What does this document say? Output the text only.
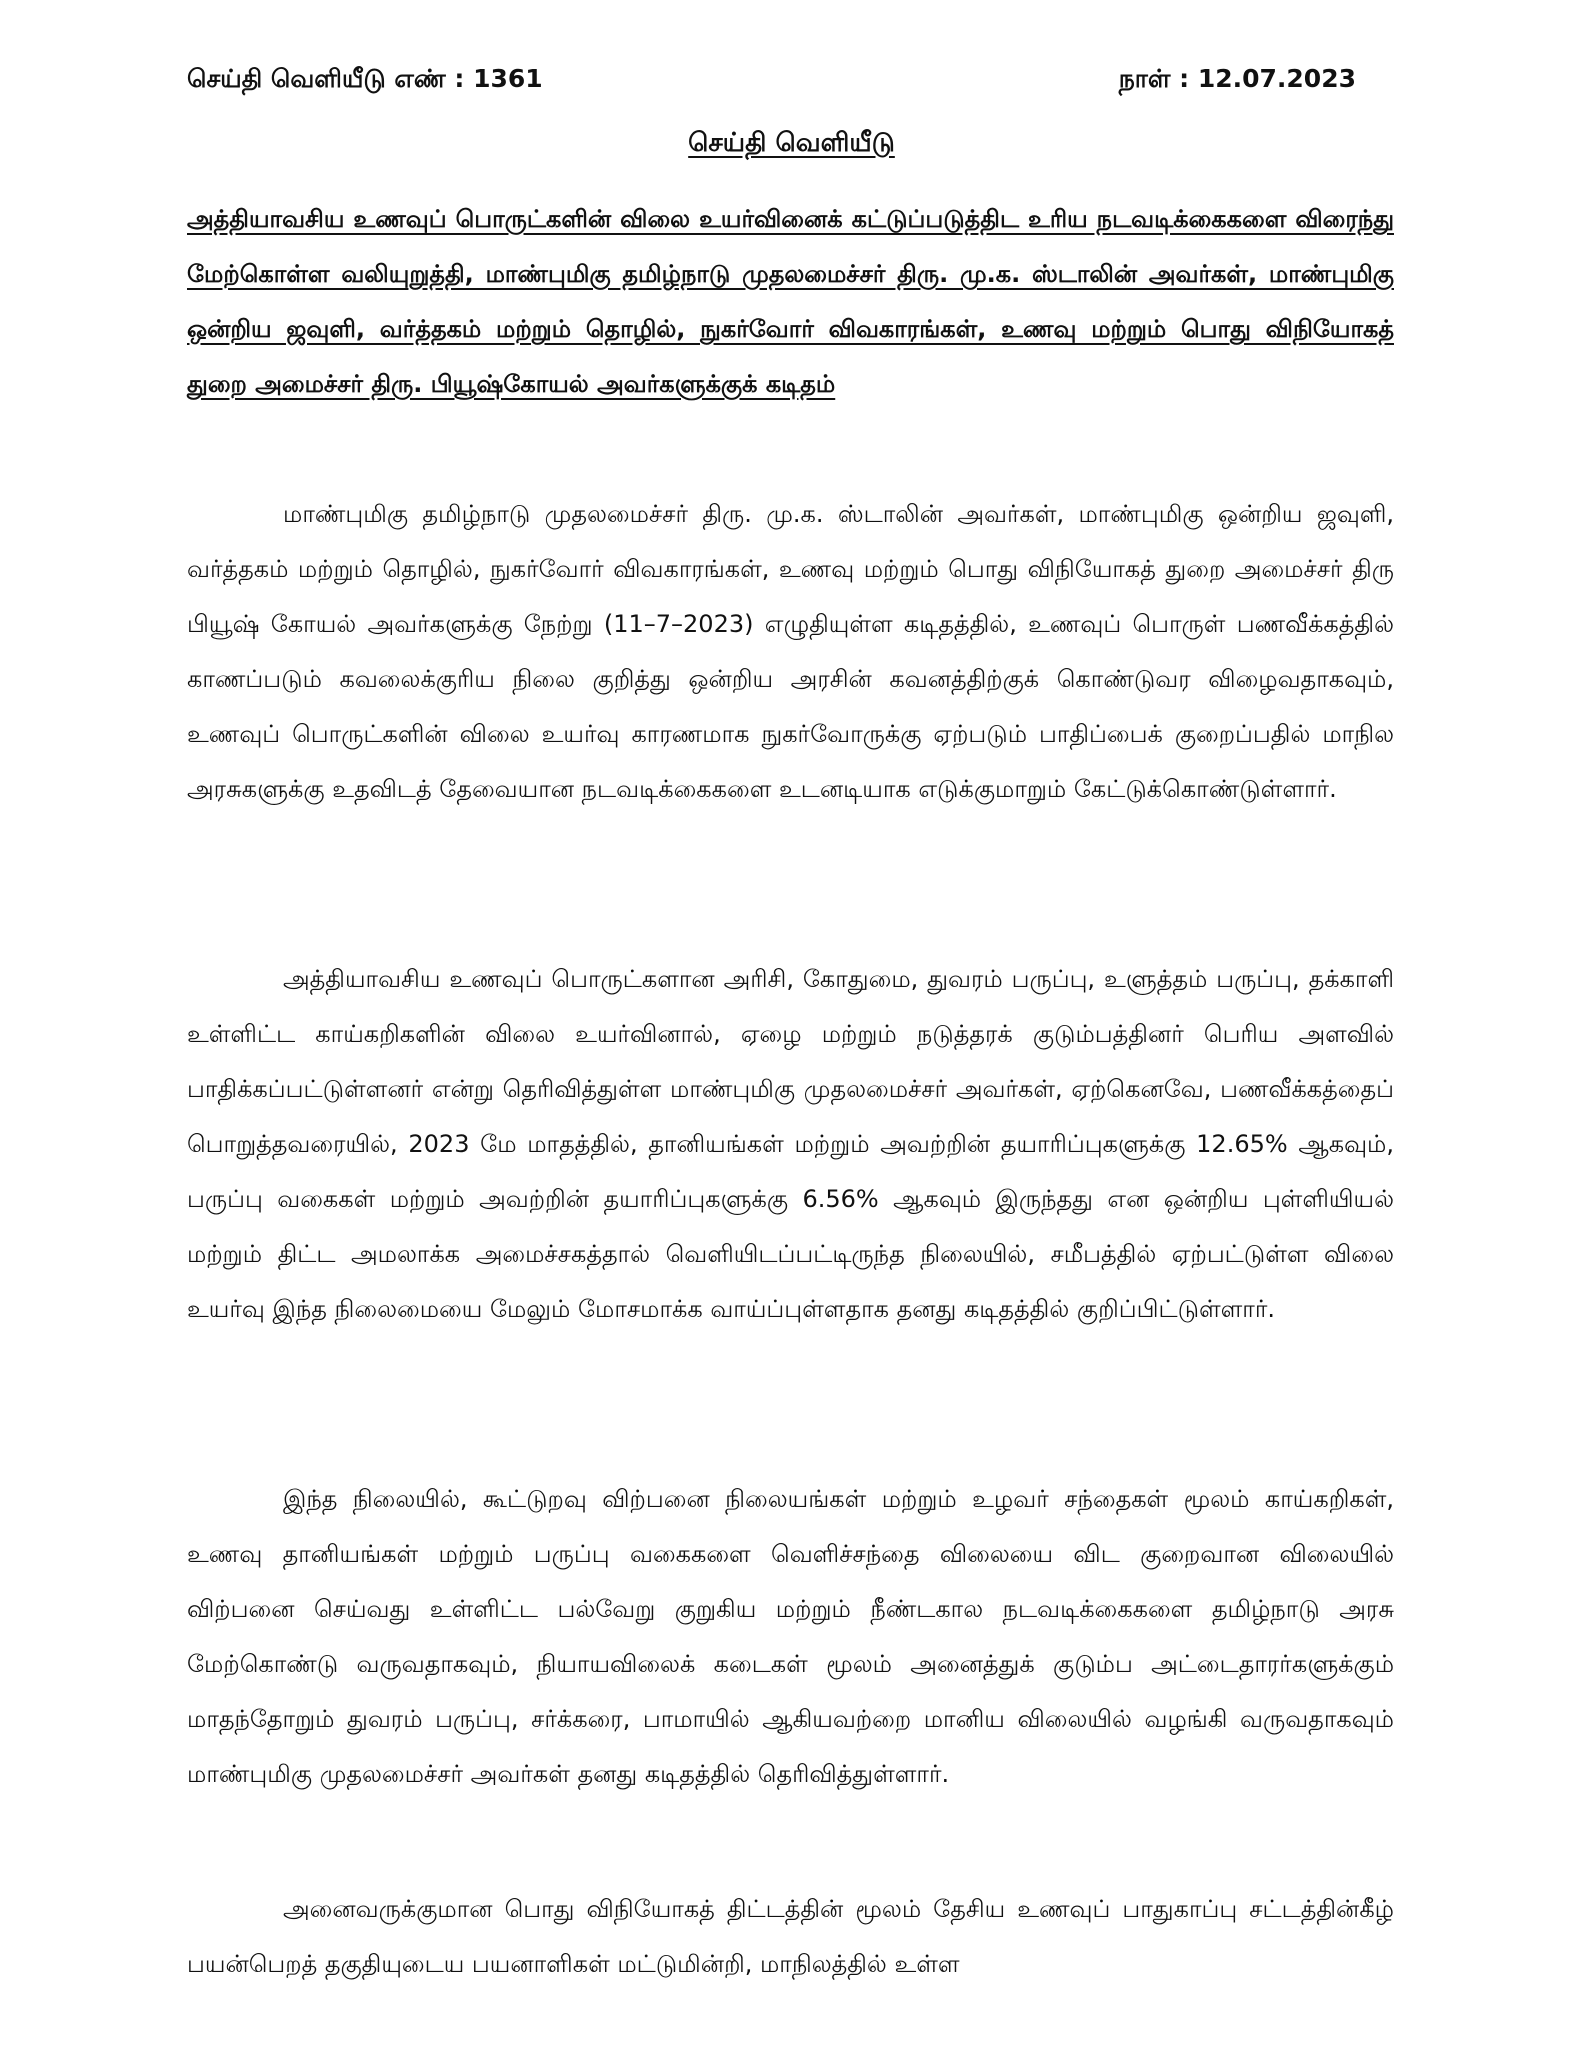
செய்தி வெளியீடு எண் : 1361	நாள் : 12.07.2023
செய்தி வெளியீடு

அத்தியாவசிய உணவுப் பொருட்களின் விலை உயர்வினைக் கட்டுப்படுத்திட உரிய நடவடிக்கைகளை விரைந்து மேற்கொள்ள வலியுறுத்தி, மாண்புமிகு தமிழ்நாடு முதலமைச்சர் திரு. மு.க. ஸ்டாலின் அவர்கள், மாண்புமிகு ஒன்றிய ஜவுளி, வர்த்தகம் மற்றும் தொழில், நுகர்வோர் விவகாரங்கள், உணவு மற்றும் பொது விநியோகத் துறை அமைச்சர் திரு. பியூஷ்கோயல் அவர்களுக்குக் கடிதம்

மாண்புமிகு தமிழ்நாடு முதலமைச்சர் திரு. மு.க. ஸ்டாலின் அவர்கள், மாண்புமிகு ஒன்றிய ஜவுளி, வர்த்தகம் மற்றும் தொழில், நுகர்வோர் விவகாரங்கள், உணவு மற்றும் பொது விநியோகத் துறை அமைச்சர் திரு பியூஷ் கோயல் அவர்களுக்கு நேற்று (11–7–2023) எழுதியுள்ள கடிதத்தில், உணவுப் பொருள் பணவீக்கத்தில் காணப்படும் கவலைக்குரிய நிலை குறித்து ஒன்றிய அரசின் கவனத்திற்குக் கொண்டுவர விழைவதாகவும், உணவுப் பொருட்களின் விலை உயர்வு காரணமாக நுகர்வோருக்கு ஏற்படும் பாதிப்பைக் குறைப்பதில் மாநில அரசுகளுக்கு உதவிடத் தேவையான நடவடிக்கைகளை உடனடியாக எடுக்குமாறும் கேட்டுக்கொண்டுள்ளார்.

அத்தியாவசிய உணவுப் பொருட்களான அரிசி, கோதுமை, துவரம் பருப்பு, உளுத்தம் பருப்பு, தக்காளி உள்ளிட்ட காய்கறிகளின் விலை உயர்வினால், ஏழை மற்றும் நடுத்தரக் குடும்பத்தினர் பெரிய அளவில் பாதிக்கப்பட்டுள்ளனர் என்று தெரிவித்துள்ள மாண்புமிகு முதலமைச்சர் அவர்கள், ஏற்கெனவே, பணவீக்கத்தைப் பொறுத்தவரையில், 2023 மே மாதத்தில், தானியங்கள் மற்றும் அவற்றின் தயாரிப்புகளுக்கு 12.65% ஆகவும், பருப்பு வகைகள் மற்றும் அவற்றின் தயாரிப்புகளுக்கு 6.56% ஆகவும் இருந்தது என ஒன்றிய புள்ளியியல் மற்றும் திட்ட அமலாக்க அமைச்சகத்தால் வெளியிடப்பட்டிருந்த நிலையில், சமீபத்தில் ஏற்பட்டுள்ள விலை உயர்வு இந்த நிலைமையை மேலும் மோசமாக்க வாய்ப்புள்ளதாக தனது கடிதத்தில் குறிப்பிட்டுள்ளார்.

இந்த நிலையில், கூட்டுறவு விற்பனை நிலையங்கள் மற்றும் உழவர் சந்தைகள் மூலம் காய்கறிகள், உணவு தானியங்கள் மற்றும் பருப்பு வகைகளை வெளிச்சந்தை விலையை விட குறைவான விலையில் விற்பனை செய்வது உள்ளிட்ட பல்வேறு குறுகிய மற்றும் நீண்டகால நடவடிக்கைகளை தமிழ்நாடு அரசு மேற்கொண்டு வருவதாகவும், நியாயவிலைக் கடைகள் மூலம் அனைத்துக் குடும்ப அட்டைதாரர்களுக்கும் மாதந்தோறும் துவரம் பருப்பு, சர்க்கரை, பாமாயில் ஆகியவற்றை மானிய விலையில் வழங்கி வருவதாகவும் மாண்புமிகு முதலமைச்சர் அவர்கள் தனது கடிதத்தில் தெரிவித்துள்ளார்.

அனைவருக்குமான பொது விநியோகத் திட்டத்தின் மூலம் தேசிய உணவுப் பாதுகாப்பு சட்டத்தின்கீழ் பயன்பெறத் தகுதியுடைய பயனாளிகள் மட்டுமின்றி, மாநிலத்தில் உள்ள
